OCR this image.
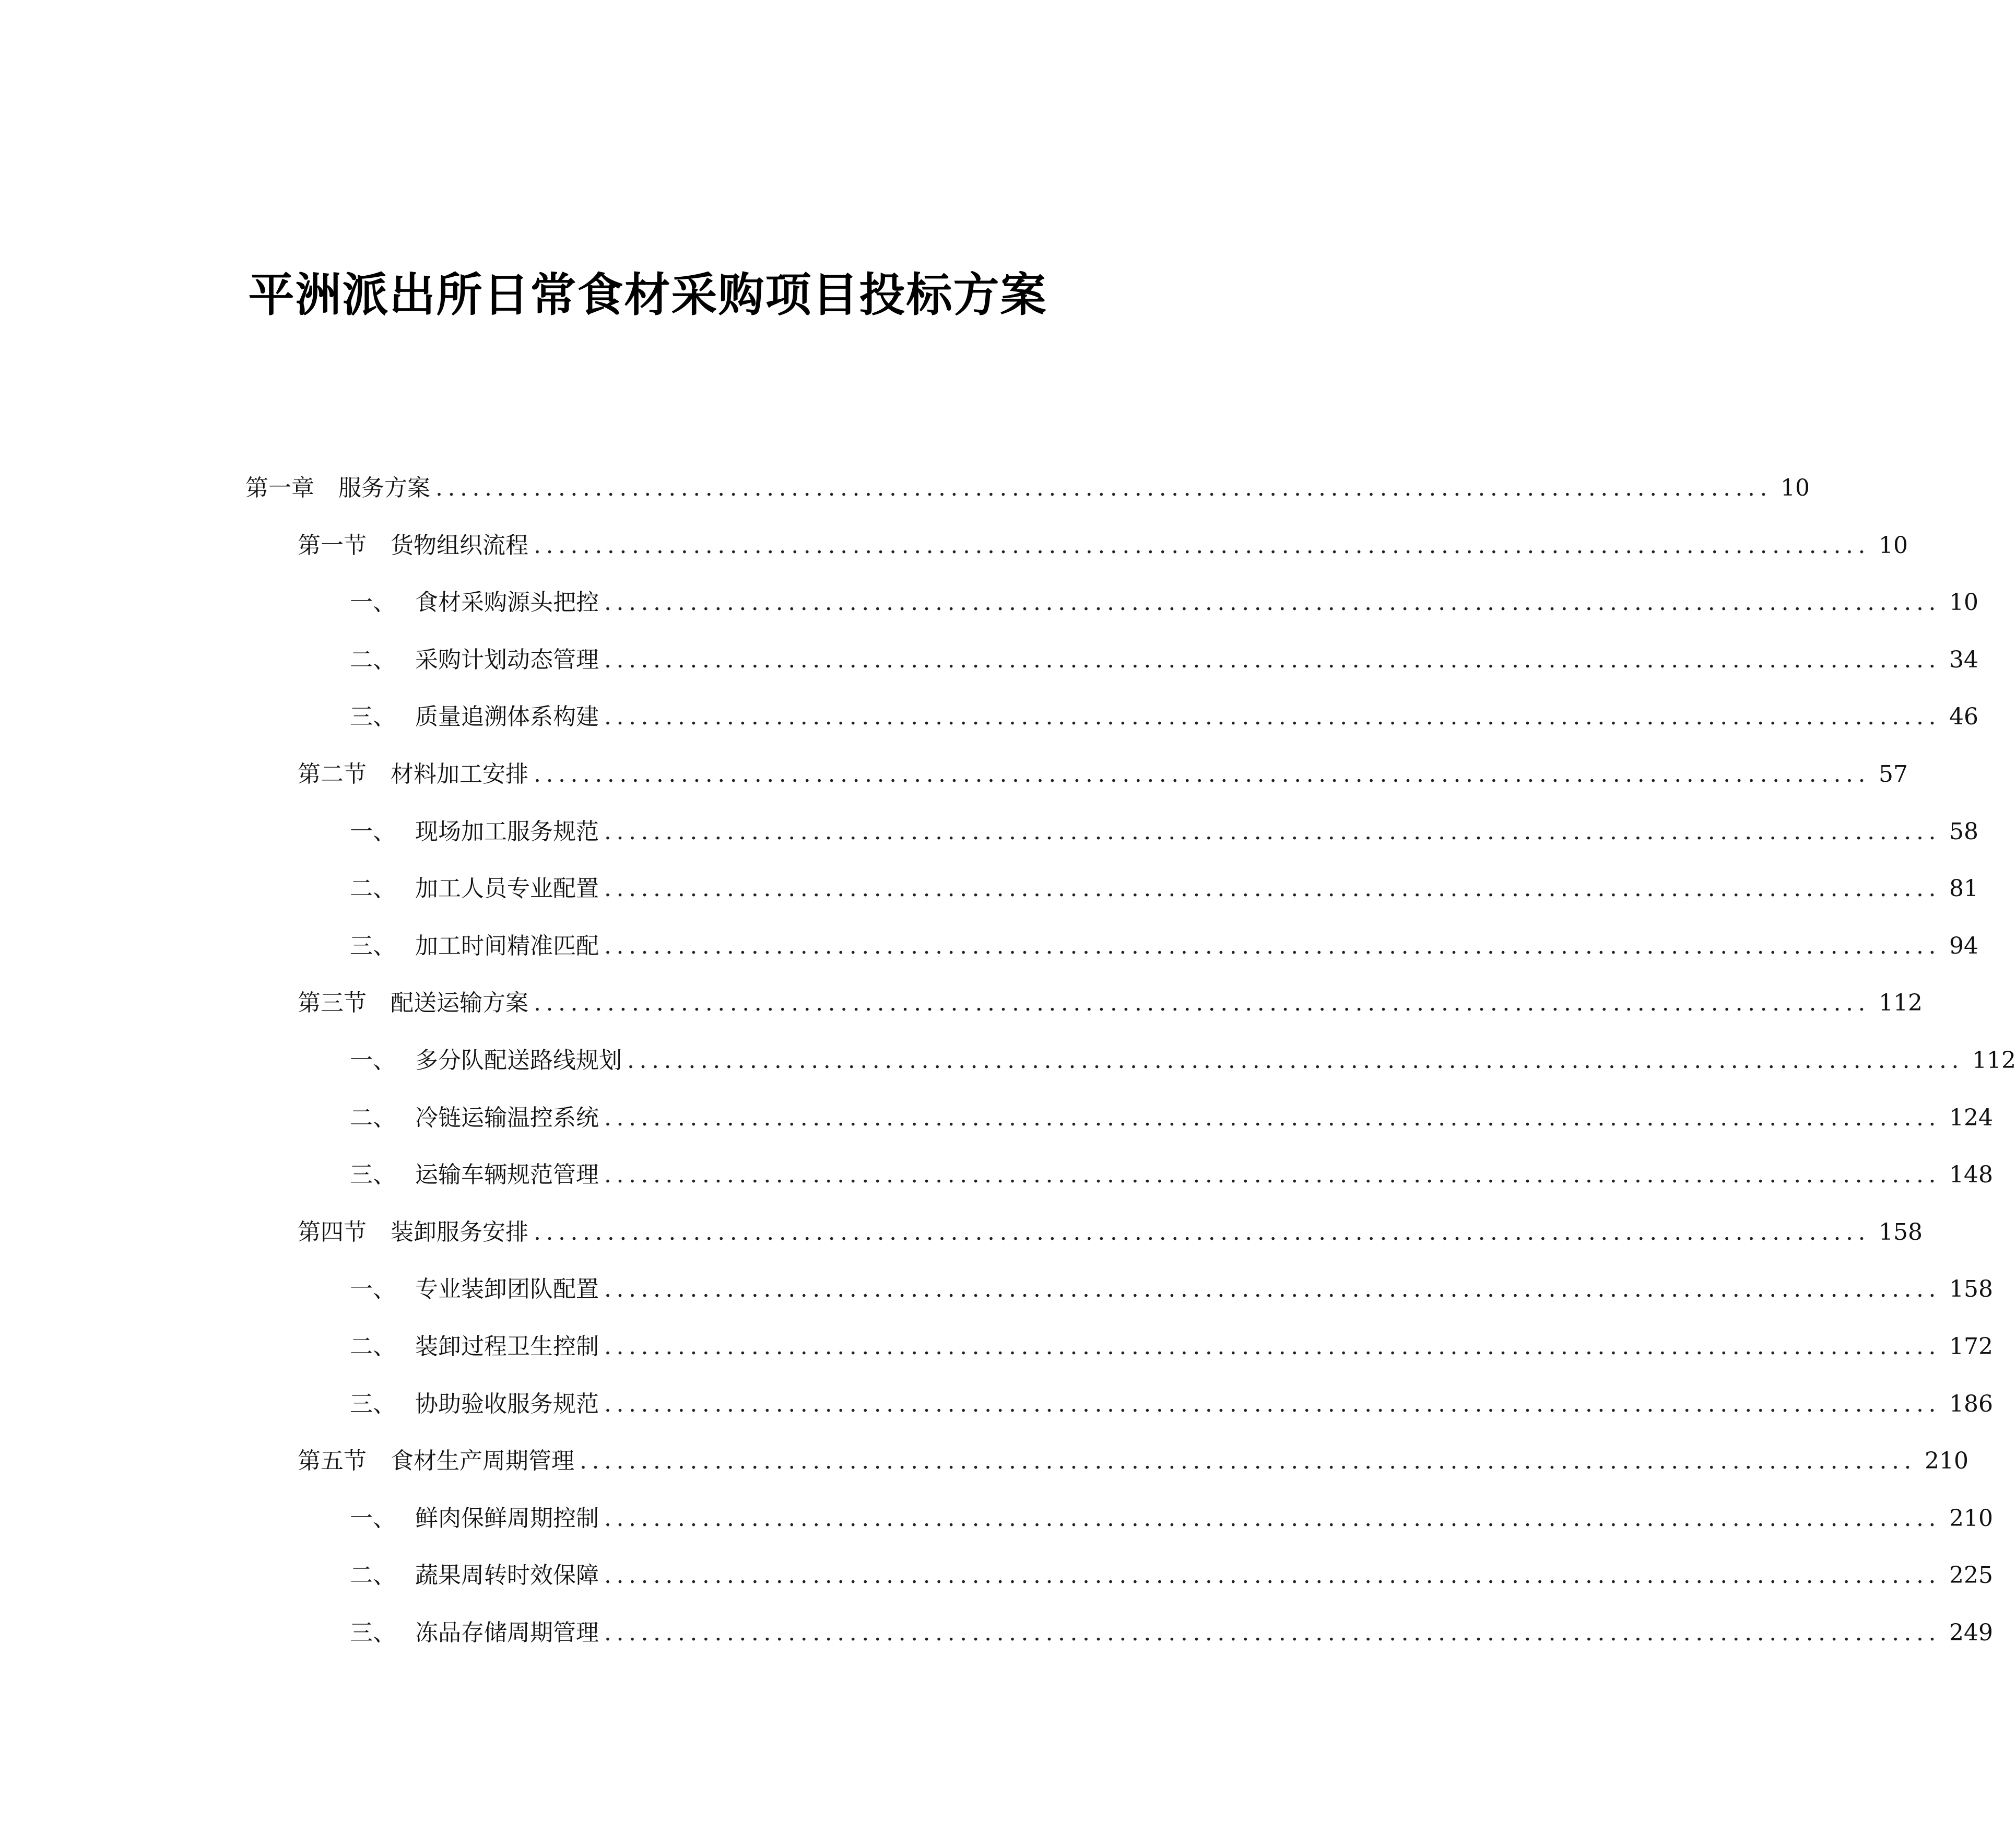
平洲派出所日常食材采购项目投标方案
第一章	服务方案 ............................................................................................................. 10
第一节	货物组织流程 ............................................................................................................. 10
一、 食材采购源头把控 ............................................................................................................. 10
二、 采购计划动态管理 ............................................................................................................. 34
三、 质量追溯体系构建 ............................................................................................................. 46
第二节	材料加工安排 ............................................................................................................. 57
一、 现场加工服务规范 ............................................................................................................. 58
二、 加工人员专业配置 ............................................................................................................. 81
三、 加工时间精准匹配 ............................................................................................................. 94
第三节	配送运输方案 ............................................................................................................. 112
一、 多分队配送路线规划 ............................................................................................................. 112
二、 冷链运输温控系统 ............................................................................................................. 124
三、 运输车辆规范管理 ............................................................................................................. 148
第四节	装卸服务安排 ............................................................................................................. 158
一、 专业装卸团队配置 ............................................................................................................. 158
二、 装卸过程卫生控制 ............................................................................................................. 172
三、 协助验收服务规范 ............................................................................................................. 186
第五节	食材生产周期管理 ............................................................................................................. 210
一、 鲜肉保鲜周期控制 ............................................................................................................. 210
二、 蔬果周转时效保障 ............................................................................................................. 225
三、 冻品存储周期管理 ............................................................................................................. 249
